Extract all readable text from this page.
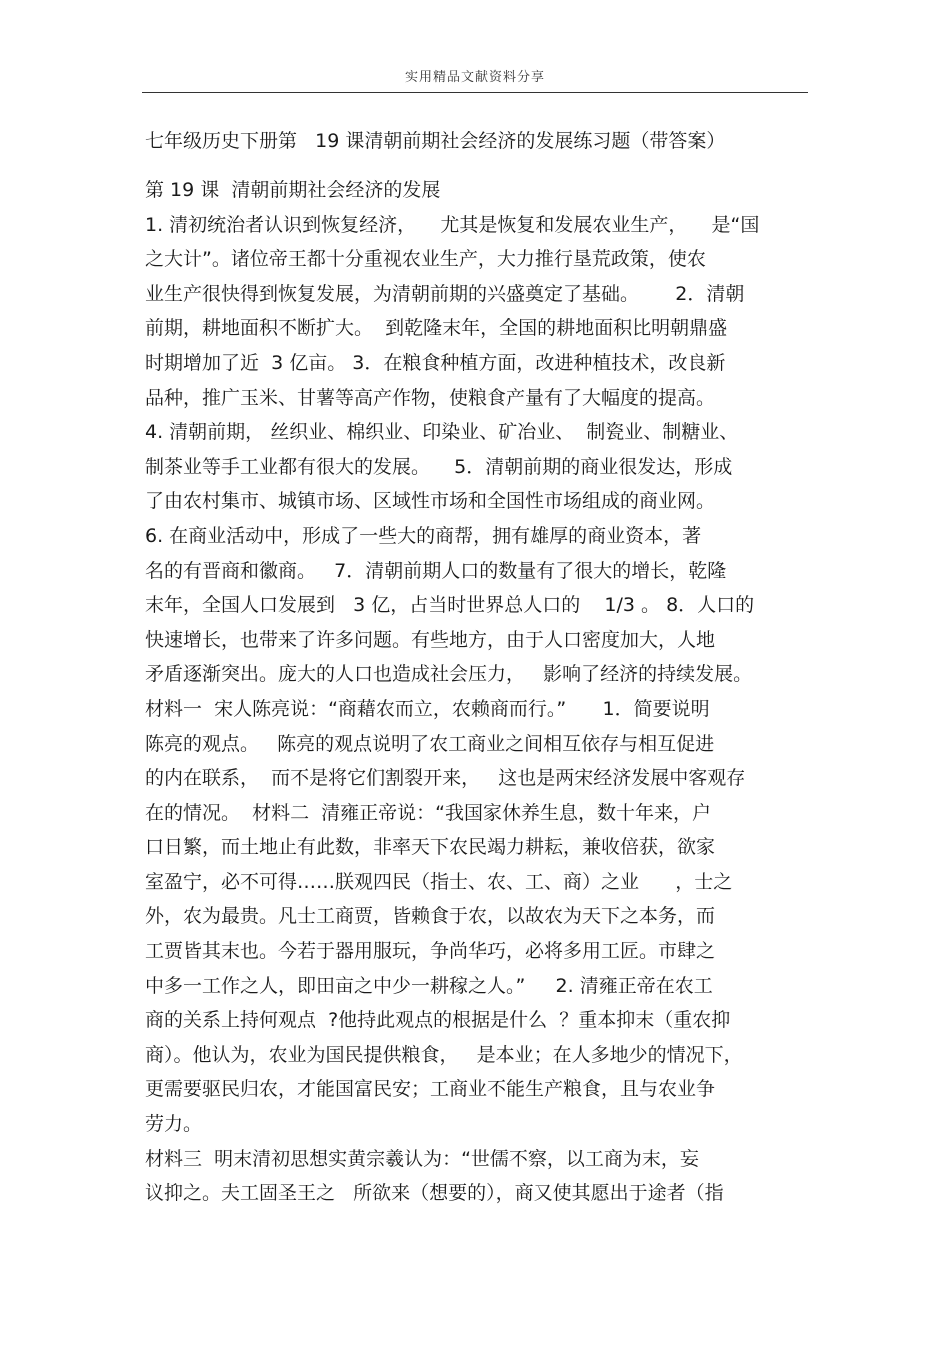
实用精品文献资料分享
七年级历史下册第   19 课清朝前期社会经济的发展练习题（带答案）
第 19 课  清朝前期社会经济的发展
1. 清初统治者认识到恢复经济，    尤其是恢复和发展农业生产，    是“国
之大计”。诸位帝王都十分重视农业生产，大力推行垦荒政策，使农
业生产很快得到恢复发展，为清朝前期的兴盛奠定了基础。      2．清朝
前期，耕地面积不断扩大。  到乾隆末年，全国的耕地面积比明朝鼎盛
时期增加了近  3 亿亩。 3．在粮食种植方面，改进种植技术，改良新
品种，推广玉米、甘薯等高产作物，使粮食产量有了大幅度的提高。
4. 清朝前期， 丝织业、棉织业、印染业、矿冶业、  制瓷业、制糖业、
制茶业等手工业都有很大的发展。    5．清朝前期的商业很发达，形成
了由农村集市、城镇市场、区域性市场和全国性市场组成的商业网。
6. 在商业活动中，形成了一些大的商帮，拥有雄厚的商业资本，著
名的有晋商和徽商。   7．清朝前期人口的数量有了很大的增长，乾隆
末年，全国人口发展到   3 亿，占当时世界总人口的    1/3 。 8．人口的
快速增长，也带来了许多问题。有些地方，由于人口密度加大，人地
矛盾逐渐突出。庞大的人口也造成社会压力，   影响了经济的持续发展。
材料一  宋人陈亮说：“商藉农而立，农赖商而行。”      1．简要说明
陈亮的观点。   陈亮的观点说明了农工商业之间相互依存与相互促进
的内在联系，  而不是将它们割裂开来，   这也是两宋经济发展中客观存
在的情况。  材料二  清雍正帝说：“我国家休养生息，数十年来，户
口日繁，而土地止有此数，非率天下农民竭力耕耘，兼收倍获，欲家
室盈宁，必不可得……朕观四民（指士、农、工、商）之业      ，士之
外，农为最贵。凡士工商贾，皆赖食于农，以故农为天下之本务，而
工贾皆其末也。今若于器用服玩，争尚华巧，必将多用工匠。市肆之
中多一工作之人，即田亩之中少一耕稼之人。”     2. 清雍正帝在农工
商的关系上持何观点  ?他持此观点的根据是什么  ？重本抑末（重农抑
商）。他认为，农业为国民提供粮食，   是本业；在人多地少的情况下，
更需要驱民归农，才能国富民安；工商业不能生产粮食，且与农业争
劳力。
材料三  明末清初思想实黄宗羲认为：“世儒不察，以工商为末，妄
议抑之。夫工固圣王之   所欲来（想要的），商又使其愿出于途者（指
